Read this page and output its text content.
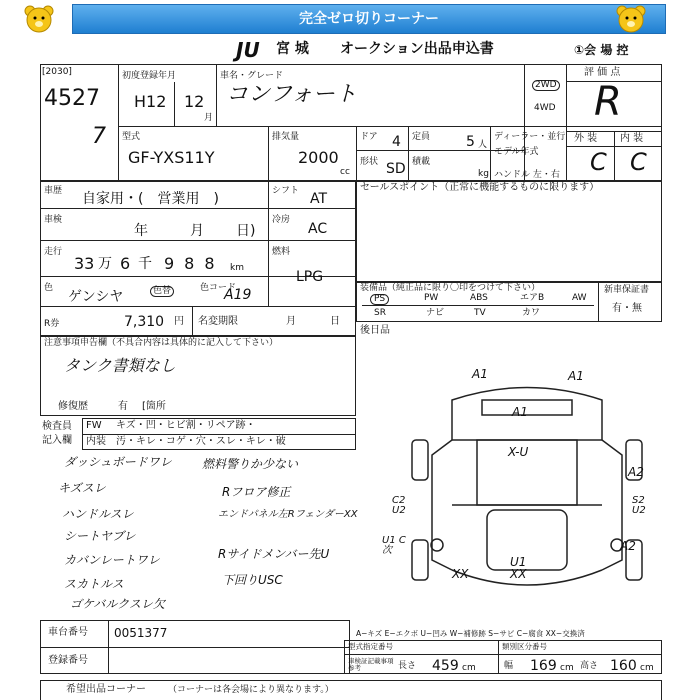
完全ゼロ切りコーナー
JU 宮 城 オークション出品申込書	①会 場 控
[2030]
4527
7
初度登録年月
H12 12
月
車名・グレード
コンフォート	2WD
4WD
評 価 点
R
型式
GF-YXS11Y
排気量
2000
cc
ドア 4 定員	5 人
ディーラー・並行
モデル年式
ハンドル 左・右
形状 SD 積載
kg
外 装 内 装
C C
車歴 自家用・(　営業用　)	シフト AT
車検
年	月 日)
冷房
AC
走行
33 万 6 千 988 km
燃料
LPG
色
ゲンシヤ	色替	色コード
A19
R券	7,310 円 名変期限	月	日
セールスポイント（正常に機能するものに限ります）
装備品（純正品に限り〇印をつけて下さい）	新車保証書
有・無
PS	PW	ABS	エアB	AW
SR	ナビ	TV	カワ
後日品
注意事項申告欄（不具合内容は具体的に記入して下さい）
タンク書類なし
修復歴	有 [箇所
検査員
記入欄
FW キズ・凹・ヒビ割・リペア跡・
内装 汚・キレ・コゲ・穴・スレ・キレ・破
ダッシュボードワレ
キズスレ
ハンドルスレ
シートヤブレ
カバンレートワレ
スカトルス
ゴケバルクスレ欠
燃料警りか少ない
Rフロア修正
エンドパネル左RフェンダーXX
Rサイドメンバー先U
下回りUSC
A1	A1
A1
X-U
A2
S2 U2
C2 U2
U1 C次
U1 XX
XX
A2
A−キズ E−エクボ U−凹み W−補修跡 S−サビ C−腐食 XX−交換済
車台番号 0051377
登録番号
型式指定番号	類別区分番号
車検証記載事項参考	長さ 459 cm	幅 169 cm 高さ 160 cm
希望出品コーナー （コーナーは各会場により異なります。）
